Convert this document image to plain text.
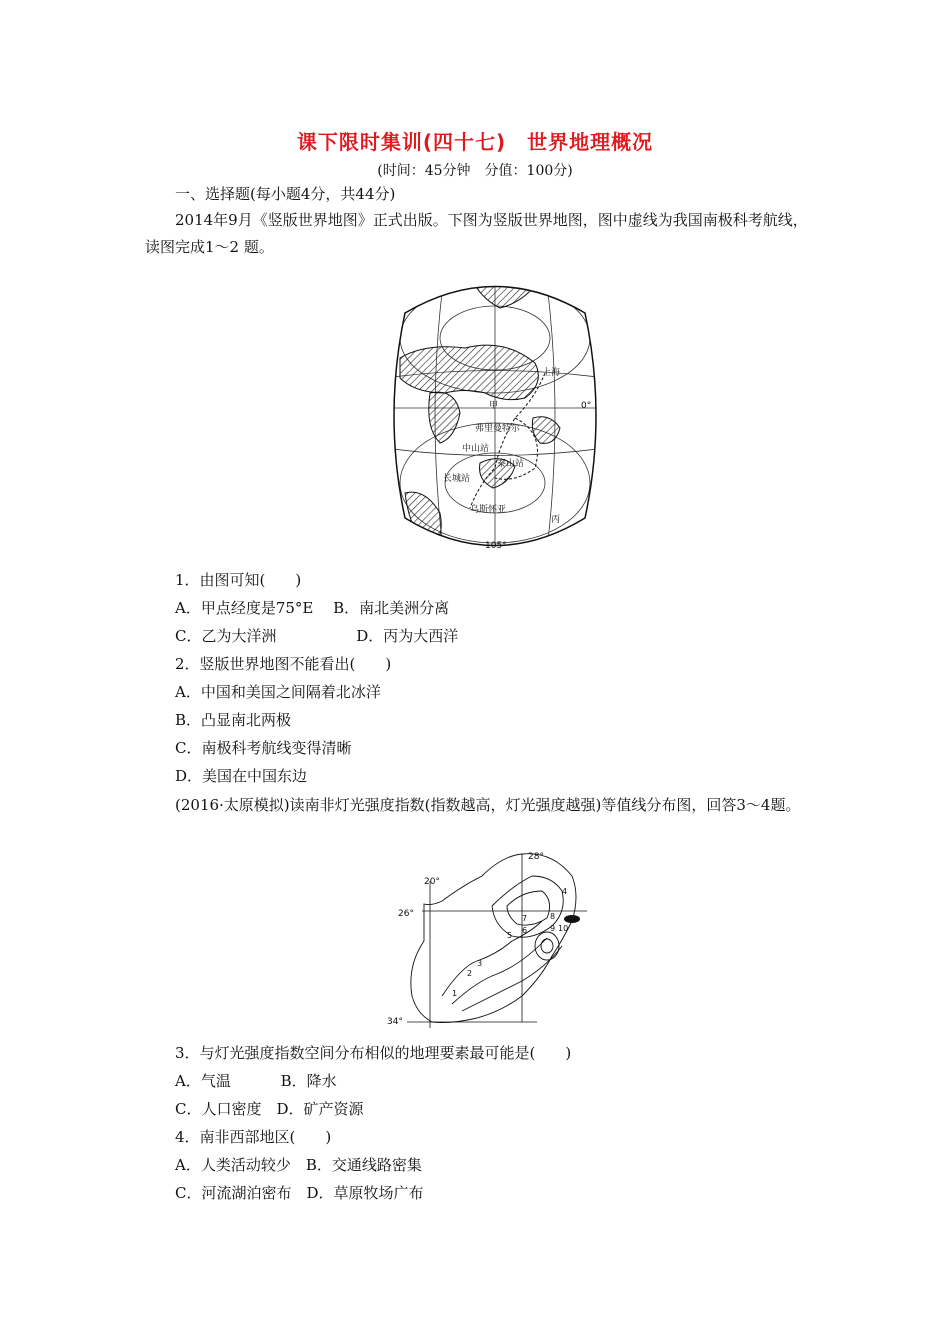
课下限时集训(四十七)　世界地理概况
(时间：45分钟　分值：100分)
一、选择题(每小题4分，共44分)
2014年9月《竖版世界地图》正式出版。下图为竖版世界地图，图中虚线为我国南极科考航线，读图完成1～2 题。
上海
甲	0°
弗里曼特尔
中山站
泰山站
长城站
乌斯怀亚
丙
105°
1．由图可知(　　)
A．甲点经度是75°E　 B．南北美洲分离
C．乙为大洋洲　　　　　 D．丙为大西洋
2．竖版世界地图不能看出(　　)
A．中国和美国之间隔着北冰洋
B．凸显南北两极
C．南极科考航线变得清晰
D．美国在中国东边
(2016·太原模拟)读南非灯光强度指数(指数越高，灯光强度越强)等值线分布图，回答3～4题。
28°
20°
26°
34°
1
2
3
4
5
6
7	8
9 10
3．与灯光强度指数空间分布相似的地理要素最可能是(　　)
A．气温　　　 B．降水
C．人口密度　D．矿产资源
4．南非西部地区(　　)
A．人类活动较少　B．交通线路密集
C．河流湖泊密布　D．草原牧场广布
